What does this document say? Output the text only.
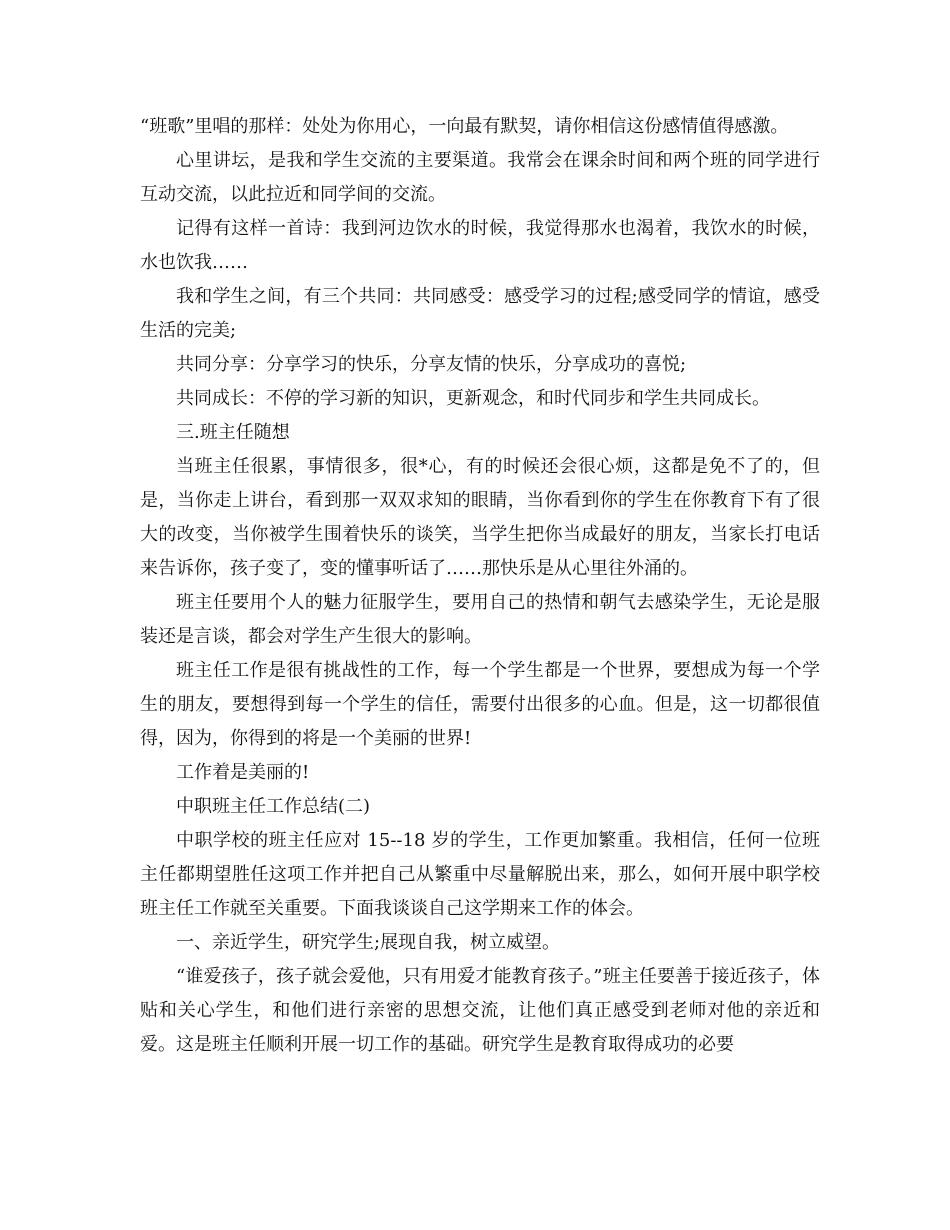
“班歌”里唱的那样：处处为你用心，一向最有默契，请你相信这份感情值得感激。

心里讲坛，是我和学生交流的主要渠道。我常会在课余时间和两个班的同学进行互动交流，以此拉近和同学间的交流。

记得有这样一首诗：我到河边饮水的时候，我觉得那水也渴着，我饮水的时候，水也饮我……

我和学生之间，有三个共同：共同感受：感受学习的过程;感受同学的情谊，感受生活的完美;

共同分享：分享学习的快乐，分享友情的快乐，分享成功的喜悦;

共同成长：不停的学习新的知识，更新观念，和时代同步和学生共同成长。

三.班主任随想

当班主任很累，事情很多，很*心，有的时候还会很心烦，这都是免不了的，但是，当你走上讲台，看到那一双双求知的眼睛，当你看到你的学生在你教育下有了很大的改变，当你被学生围着快乐的谈笑，当学生把你当成最好的朋友，当家长打电话来告诉你，孩子变了，变的懂事听话了……那快乐是从心里往外涌的。

班主任要用个人的魅力征服学生，要用自己的热情和朝气去感染学生，无论是服装还是言谈，都会对学生产生很大的影响。

班主任工作是很有挑战性的工作，每一个学生都是一个世界，要想成为每一个学生的朋友，要想得到每一个学生的信任，需要付出很多的心血。但是，这一切都很值得，因为，你得到的将是一个美丽的世界!

工作着是美丽的!

中职班主任工作总结(二)

中职学校的班主任应对 15--18 岁的学生，工作更加繁重。我相信，任何一位班主任都期望胜任这项工作并把自己从繁重中尽量解脱出来，那么，如何开展中职学校班主任工作就至关重要。下面我谈谈自己这学期来工作的体会。

一、亲近学生，研究学生;展现自我，树立威望。

“谁爱孩子，孩子就会爱他，只有用爱才能教育孩子。”班主任要善于接近孩子，体贴和关心学生，和他们进行亲密的思想交流，让他们真正感受到老师对他的亲近和爱。这是班主任顺利开展一切工作的基础。研究学生是教育取得成功的必要
